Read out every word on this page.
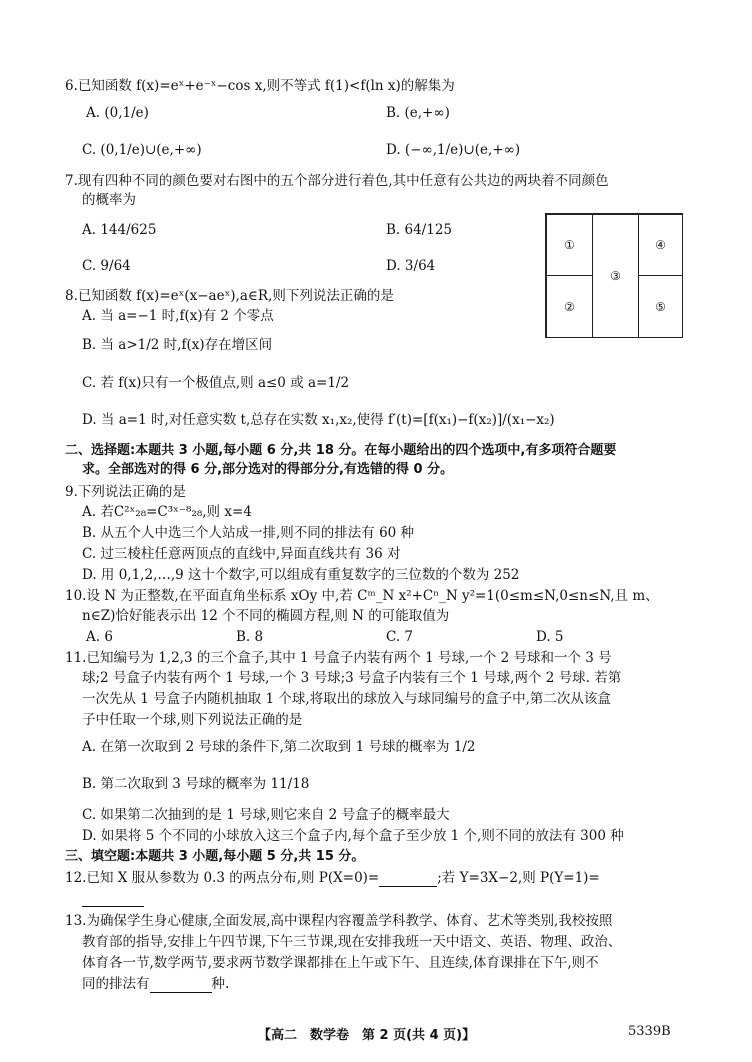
6.已知函数 f(x)=eˣ+e⁻ˣ−cos x,则不等式 f(1)<f(ln x)的解集为
A. (0,1/e)	B. (e,+∞)
C. (0,1/e)∪(e,+∞)	D. (−∞,1/e)∪(e,+∞)
7.现有四种不同的颜色要对右图中的五个部分进行着色,其中任意有公共边的两块着不同颜色
的概率为
A. 144/625	B. 64/125
C. 9/64	D. 3/64
①
②
③
④
⑤
8.已知函数 f(x)=eˣ(x−aeˣ),a∈R,则下列说法正确的是
A. 当 a=−1 时,f(x)有 2 个零点
B. 当 a>1/2 时,f(x)存在增区间
C. 若 f(x)只有一个极值点,则 a≤0 或 a=1/2
D. 当 a=1 时,对任意实数 t,总存在实数 x₁,x₂,使得 f′(t)=[f(x₁)−f(x₂)]/(x₁−x₂)
二、选择题:本题共 3 小题,每小题 6 分,共 18 分。在每小题给出的四个选项中,有多项符合题要
求。全部选对的得 6 分,部分选对的得部分分,有选错的得 0 分。
9.下列说法正确的是
A. 若C²ˣ₂₈=C³ˣ⁻⁸₂₈,则 x=4
B. 从五个人中选三个人站成一排,则不同的排法有 60 种
C. 过三棱柱任意两顶点的直线中,异面直线共有 36 对
D. 用 0,1,2,…,9 这十个数字,可以组成有重复数字的三位数的个数为 252
10.设 N 为正整数,在平面直角坐标系 xOy 中,若 Cᵐ_N x²+Cⁿ_N y²=1(0≤m≤N,0≤n≤N,且 m、
n∈Z)恰好能表示出 12 个不同的椭圆方程,则 N 的可能取值为
A. 6	B. 8	C. 7	D. 5
11.已知编号为 1,2,3 的三个盒子,其中 1 号盒子内装有两个 1 号球,一个 2 号球和一个 3 号
球;2 号盒子内装有两个 1 号球,一个 3 号球;3 号盒子内装有三个 1 号球,两个 2 号球. 若第
一次先从 1 号盒子内随机抽取 1 个球,将取出的球放入与球同编号的盒子中,第二次从该盒
子中任取一个球,则下列说法正确的是
A. 在第一次取到 2 号球的条件下,第二次取到 1 号球的概率为 1/2
B. 第二次取到 3 号球的概率为 11/18
C. 如果第二次抽到的是 1 号球,则它来自 2 号盒子的概率最大
D. 如果将 5 个不同的小球放入这三个盒子内,每个盒子至少放 1 个,则不同的放法有 300 种
三、填空题:本题共 3 小题,每小题 5 分,共 15 分。
12.已知 X 服从参数为 0.3 的两点分布,则 P(X=0)=	;若 Y=3X−2,则 P(Y=1)=
13.为确保学生身心健康,全面发展,高中课程内容覆盖学科教学、体育、艺术等类别,我校按照
教育部的指导,安排上午四节课,下午三节课,现在安排我班一天中语文、英语、物理、政治、
体育各一节,数学两节,要求两节数学课都排在上午或下午、且连续,体育课排在下午,则不
同的排法有	种.
【高二　数学卷　第 2 页(共 4 页)】	5339B
